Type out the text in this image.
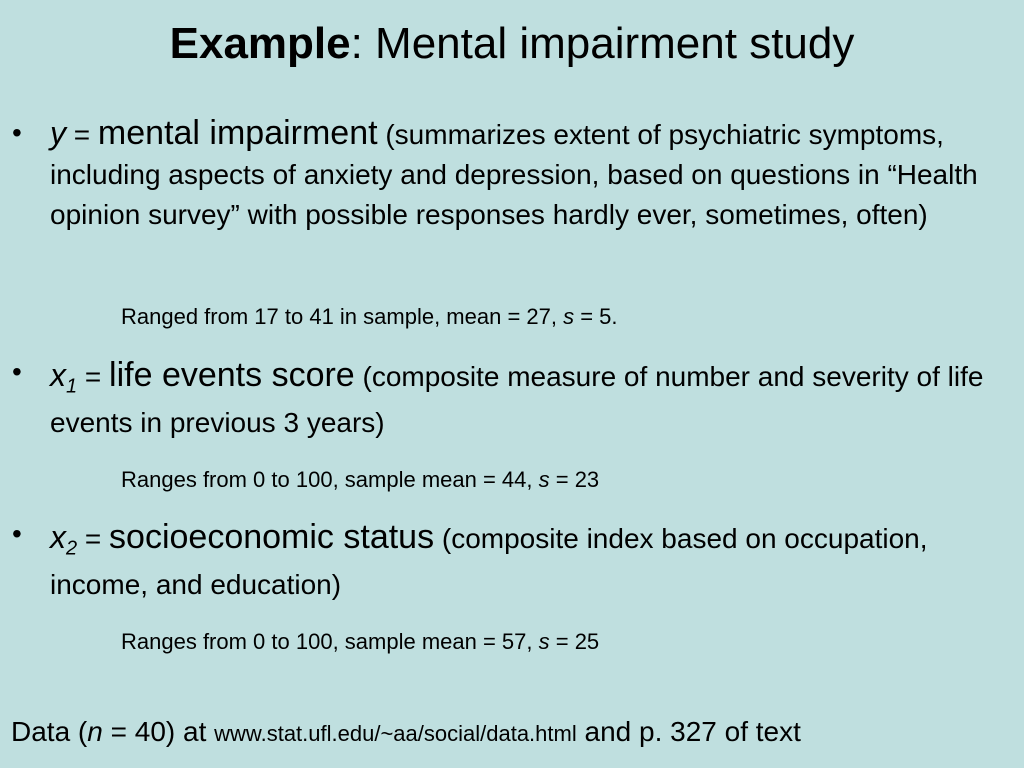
Example: Mental impairment study
• y = mental impairment (summarizes extent of psychiatric symptoms, including aspects of anxiety and depression, based on questions in “Health opinion survey” with possible responses hardly ever, sometimes, often)
Ranged from 17 to 41 in sample, mean = 27, s = 5.
• $x_1$ = life events score (composite measure of number and severity of life events in previous 3 years)
Ranges from 0 to 100, sample mean = 44, s = 23
• $x_2$ = socioeconomic status (composite index based on occupation, income, and education)
Ranges from 0 to 100, sample mean = 57, s = 25
Data (n = 40) at www.stat.ufl.edu/~aa/social/data.html and p. 327 of text
